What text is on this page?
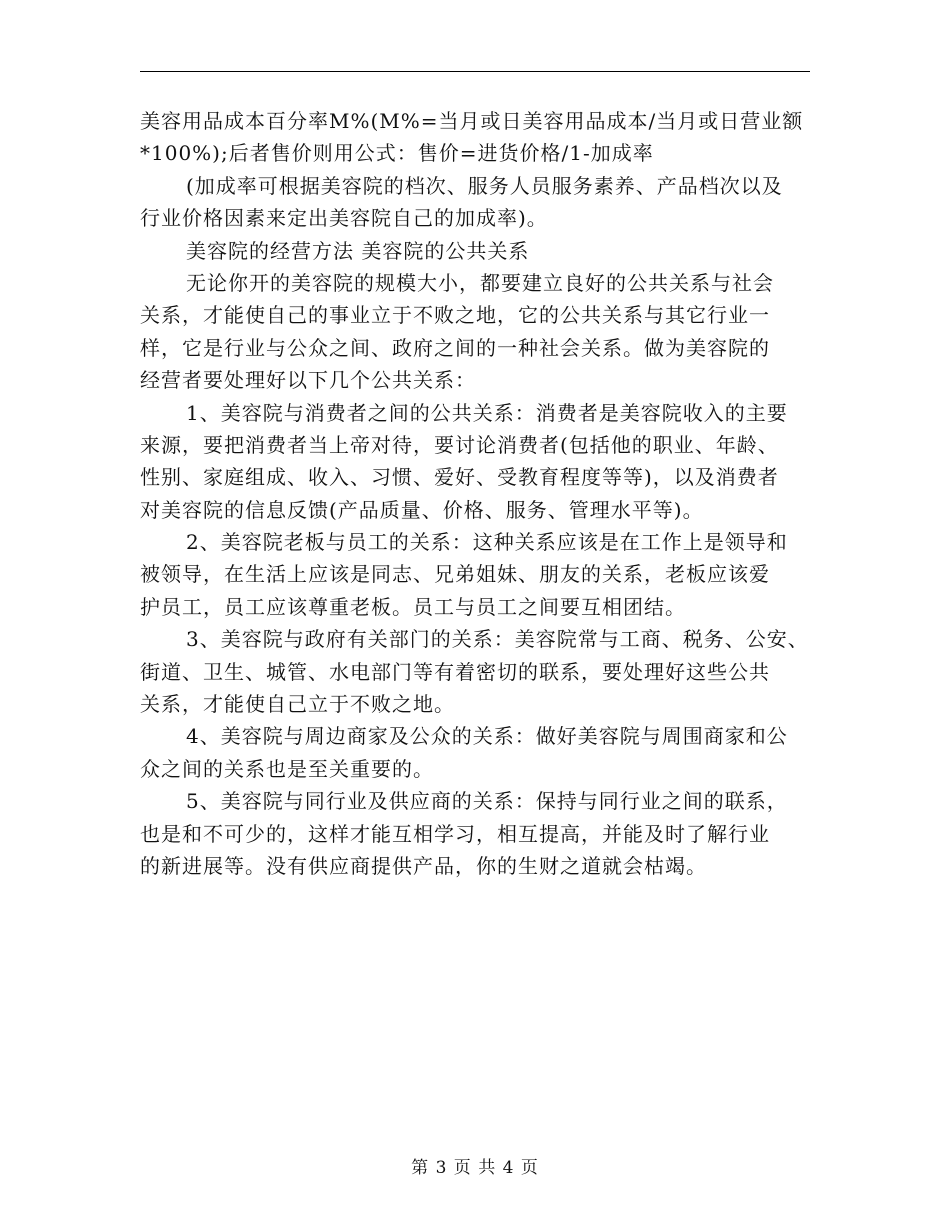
美容用品成本百分率M%(M%=当月或日美容用品成本/当月或日营业额
*100%);后者售价则用公式：售价=进货价格/1-加成率
(加成率可根据美容院的档次、服务人员服务素养、产品档次以及
行业价格因素来定出美容院自己的加成率)。
美容院的经营方法 美容院的公共关系
无论你开的美容院的规模大小，都要建立良好的公共关系与社会
关系，才能使自己的事业立于不败之地，它的公共关系与其它行业一
样，它是行业与公众之间、政府之间的一种社会关系。做为美容院的
经营者要处理好以下几个公共关系：
1、美容院与消费者之间的公共关系：消费者是美容院收入的主要
来源，要把消费者当上帝对待，要讨论消费者(包括他的职业、年龄、
性别、家庭组成、收入、习惯、爱好、受教育程度等等)，以及消费者
对美容院的信息反馈(产品质量、价格、服务、管理水平等)。
2、美容院老板与员工的关系：这种关系应该是在工作上是领导和
被领导，在生活上应该是同志、兄弟姐妹、朋友的关系，老板应该爱
护员工，员工应该尊重老板。员工与员工之间要互相团结。
3、美容院与政府有关部门的关系：美容院常与工商、税务、公安、
街道、卫生、城管、水电部门等有着密切的联系，要处理好这些公共
关系，才能使自己立于不败之地。
4、美容院与周边商家及公众的关系：做好美容院与周围商家和公
众之间的关系也是至关重要的。
5、美容院与同行业及供应商的关系：保持与同行业之间的联系，
也是和不可少的，这样才能互相学习，相互提高，并能及时了解行业
的新进展等。没有供应商提供产品，你的生财之道就会枯竭。
第 3 页 共 4 页
